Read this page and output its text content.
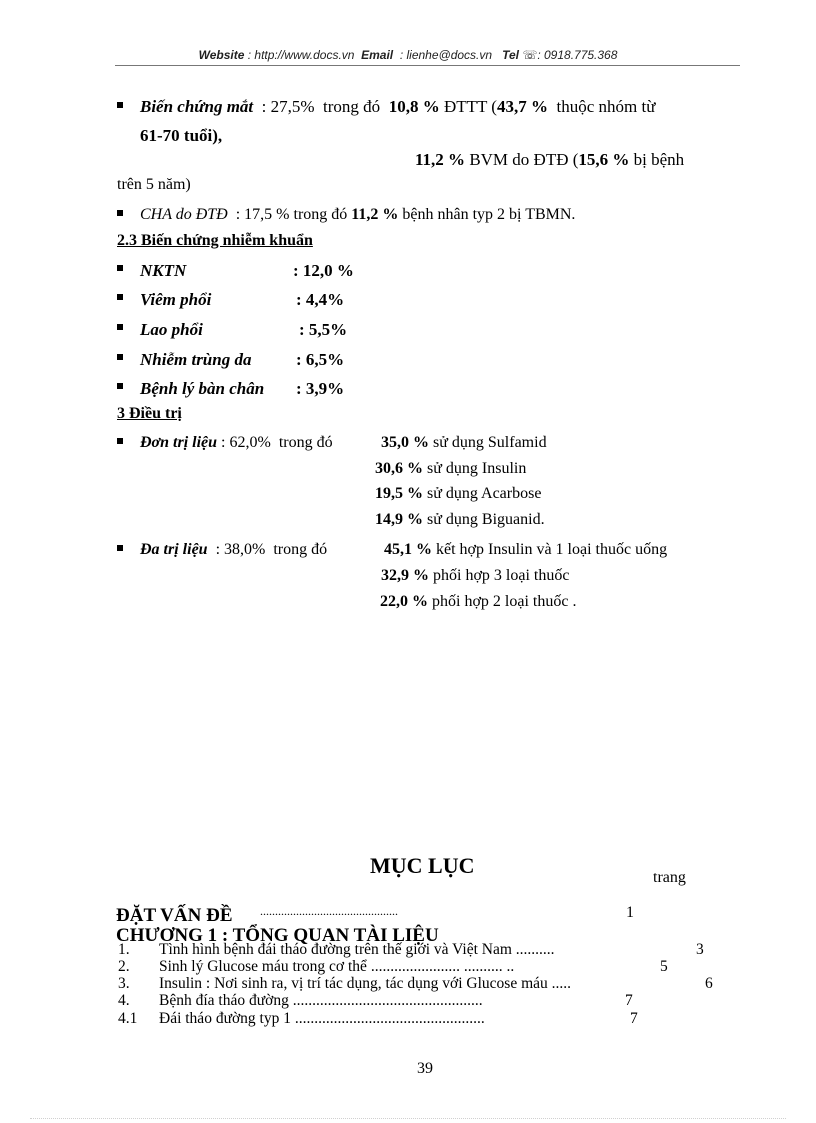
Website : http://www.docs.vn Email : lienhe@docs.vn Tel ☏: 0918.775.368
Biến chứng mắt : 27,5% trong đó 10,8 % ĐTTT (43,7 % thuộc nhóm từ
61-70 tuổi),
11,2 % BVM do ĐTĐ (15,6 % bị bệnh
trên 5 năm)
CHA do ĐTĐ : 17,5 % trong đó 11,2 % bệnh nhân typ 2 bị TBMN.
2.3 Biến chứng nhiễm khuẩn
NKTN	: 12,0 %
Viêm phổi	: 4,4%
Lao phổi	: 5,5%
Nhiễm trùng da	: 6,5%
Bệnh lý bàn chân : 3,9%
3 Điều trị
Đơn trị liệu : 62,0% trong đó	35,0 % sử dụng Sulfamid
30,6 % sử dụng Insulin
19,5 % sử dụng Acarbose
14,9 % sử dụng Biguanid.
Đa trị liệu : 38,0% trong đó	45,1 % kết hợp Insulin và 1 loại thuốc uống
32,9 % phối hợp 3 loại thuốc
22,0 % phối hợp 2 loại thuốc .
MỤC LỤC	trang
ĐẶT VẤN ĐỀ ..............................................	1
CHƯƠNG 1 : TỔNG QUAN TÀI LIỆU
1. Tình hình bệnh đái tháo đường trên thế giới và Việt Nam ..........	3
2. Sinh lý Glucose máu trong cơ thể ....................... .......... ..	5
3. Insulin : Nơi sinh ra, vị trí tác dụng, tác dụng với Glucose máu .....	6
4. Bệnh đía tháo đường .................................................	7
4.1 Đái tháo đường typ 1 .................................................	7
39
